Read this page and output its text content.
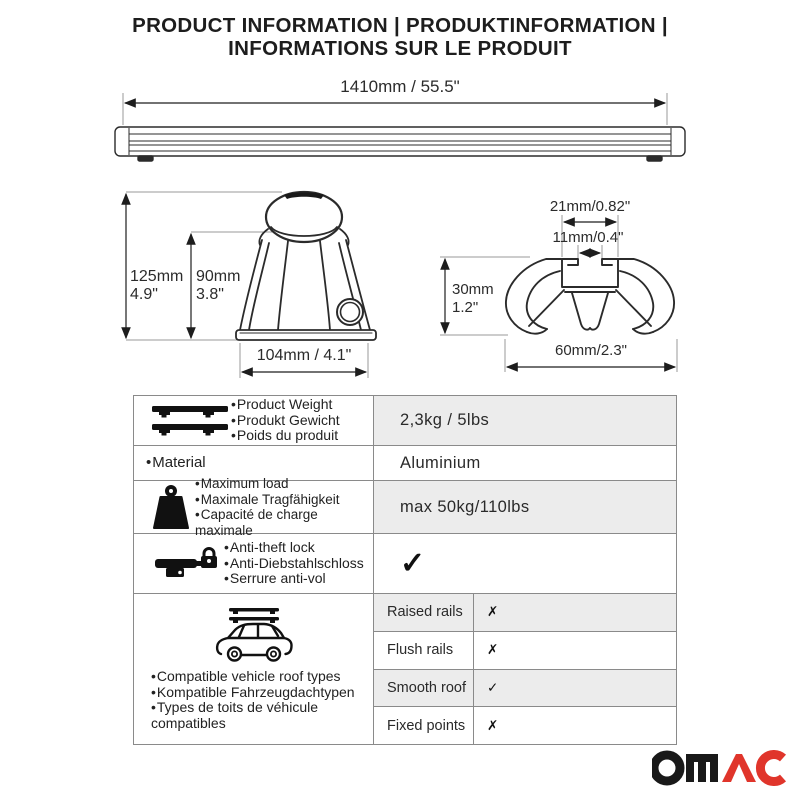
PRODUCT INFORMATION | PRODUKTINFORMATION |
INFORMATIONS SUR LE PRODUIT
1410mm / 55.5"
125mm
4.9"
90mm
3.8"
104mm / 4.1"
21mm/0.82"
11mm/0.4"
30mm
1.2"
60mm/2.3"
• Product Weight
• Produkt Gewicht
• Poids du produit
2,3kg / 5lbs
• Material	Aluminium
• Maximum load
• Maximale Tragfähigkeit
• Capacité de charge maximale
max 50kg/110lbs
• Anti-theft lock
• Anti-Diebstahlschloss
• Serrure anti-vol	✓
• Compatible vehicle roof types
• Kompatible Fahrzeugdachtypen
• Types de toits de véhicule
compatibles
Raised rails	✗
Flush rails	✗
Smooth roof	✓
Fixed points	✗
